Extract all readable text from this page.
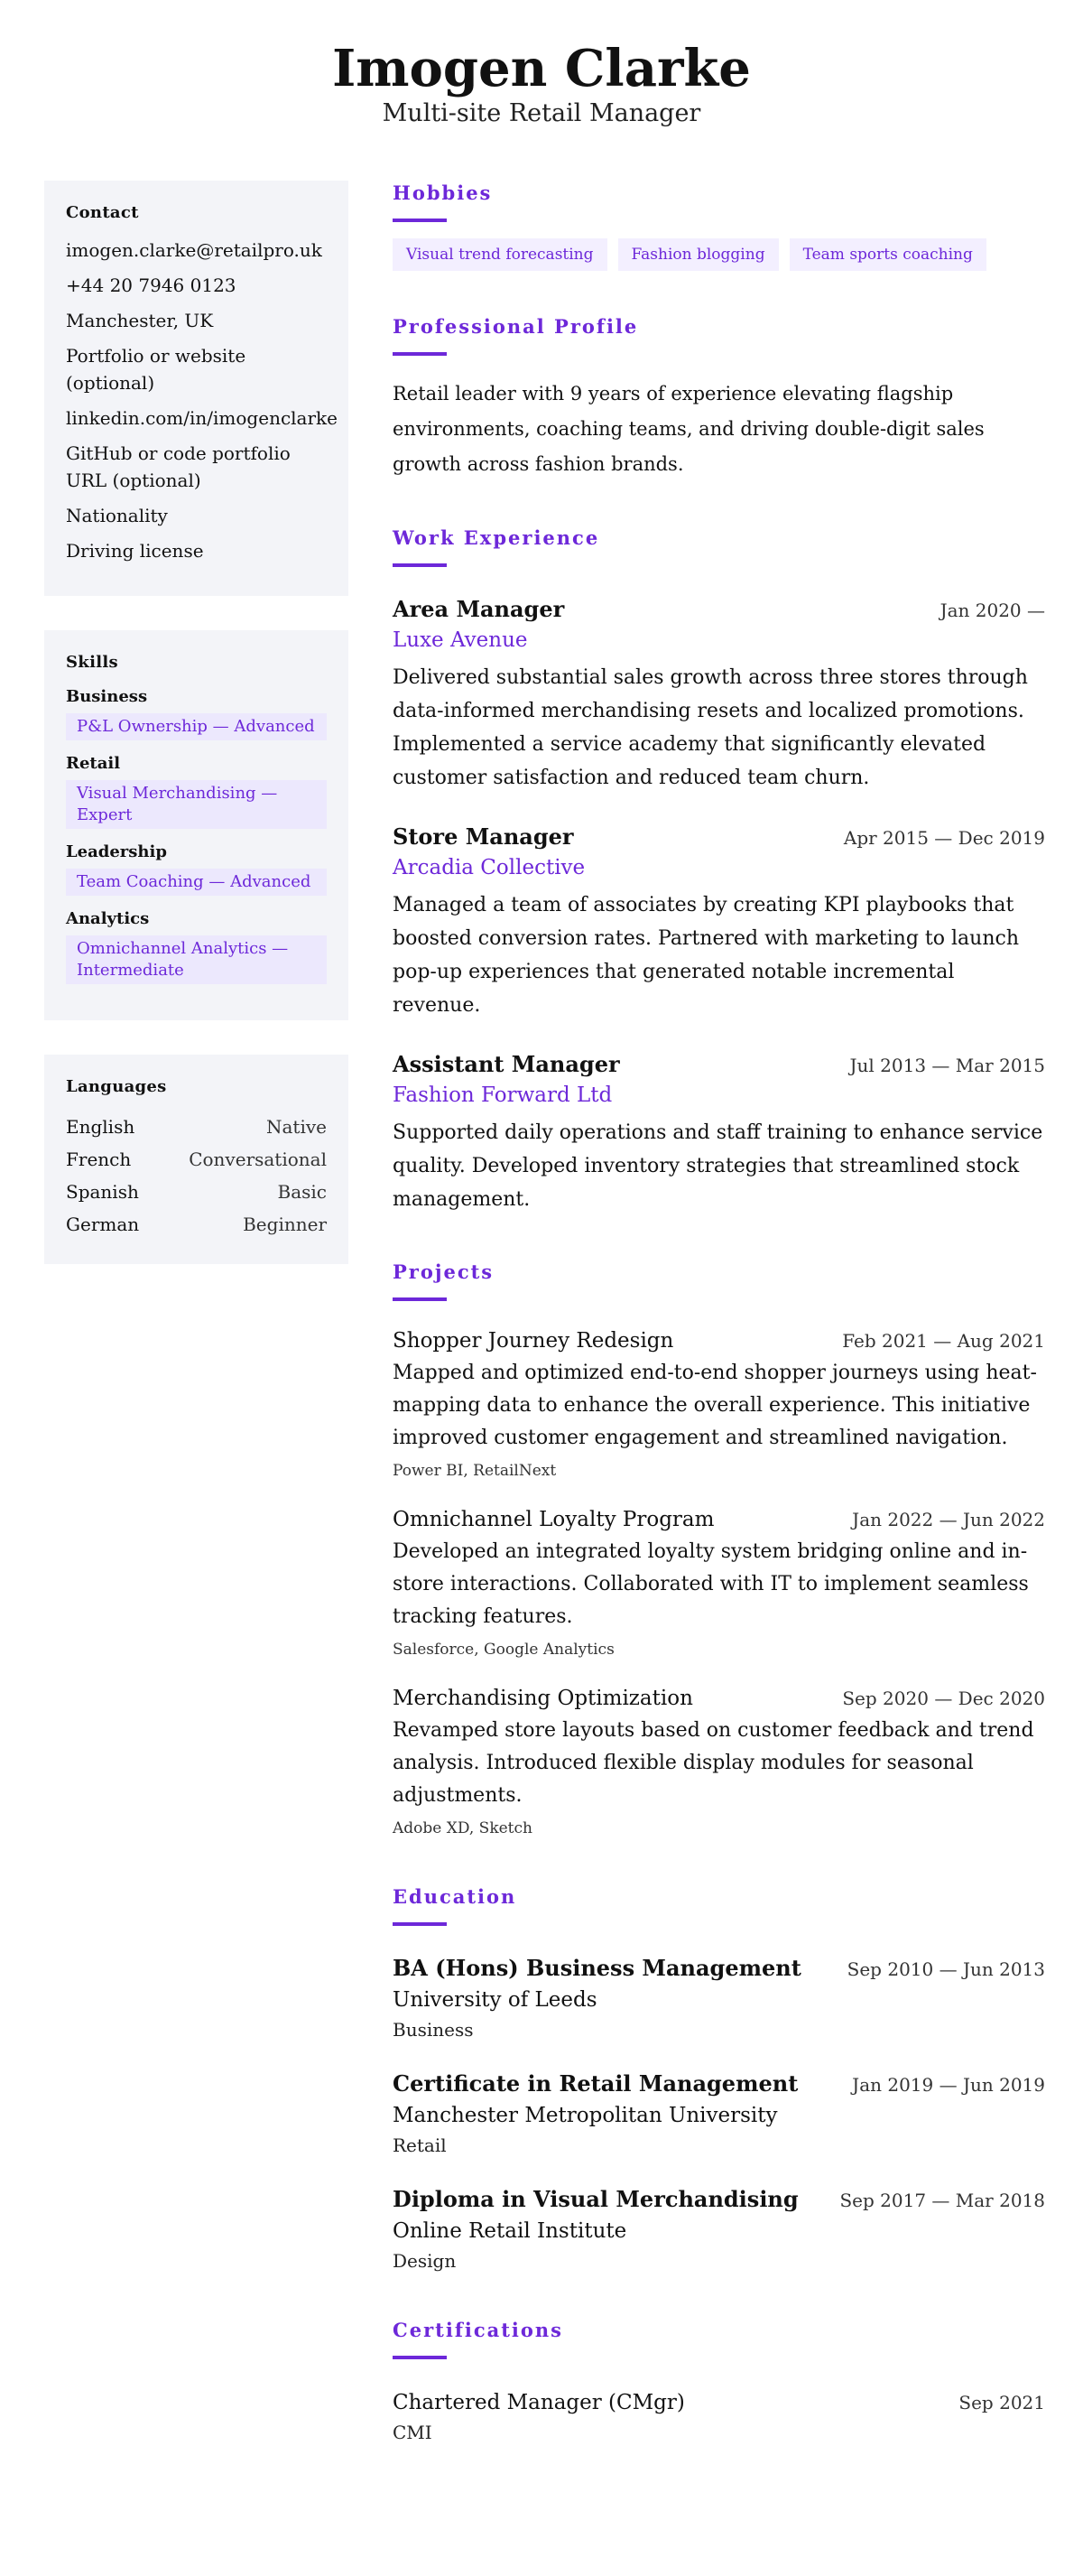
Imogen Clarke
Multi-site Retail Manager
Contact
imogen.clarke@retailpro.uk
+44 20 7946 0123
Manchester, UK
Portfolio or website (optional)
linkedin.com/in/imogenclarke
GitHub or code portfolio URL (optional)
Nationality
Driving license
Skills
Business
P&L Ownership — Advanced
Retail
Visual Merchandising — Expert
Leadership
Team Coaching — Advanced
Analytics
Omnichannel Analytics — Intermediate
Languages
English	Native
French	Conversational
Spanish	Basic
German	Beginner
Hobbies
Visual trend forecasting	Fashion blogging	Team sports coaching
Professional Profile

Retail leader with 9 years of experience elevating flagship environments, coaching teams, and driving double-digit sales growth across fashion brands.

Work Experience
Area Manager	Jan 2020 —
Luxe Avenue

Delivered substantial sales growth across three stores through data-informed merchandising resets and localized promotions. Implemented a service academy that significantly elevated customer satisfaction and reduced team churn.

Store Manager	Apr 2015 — Dec 2019
Arcadia Collective

Managed a team of associates by creating KPI playbooks that boosted conversion rates. Partnered with marketing to launch pop-up experiences that generated notable incremental revenue.

Assistant Manager	Jul 2013 — Mar 2015
Fashion Forward Ltd

Supported daily operations and staff training to enhance service quality. Developed inventory strategies that streamlined stock management.

Projects
Shopper Journey Redesign	Feb 2021 — Aug 2021

Mapped and optimized end-to-end shopper journeys using heat-mapping data to enhance the overall experience. This initiative improved customer engagement and streamlined navigation.

Power BI, RetailNext
Omnichannel Loyalty Program	Jan 2022 — Jun 2022

Developed an integrated loyalty system bridging online and in-store interactions. Collaborated with IT to implement seamless tracking features.

Salesforce, Google Analytics
Merchandising Optimization	Sep 2020 — Dec 2020

Revamped store layouts based on customer feedback and trend analysis. Introduced flexible display modules for seasonal adjustments.

Adobe XD, Sketch
Education
BA (Hons) Business Management	Sep 2010 — Jun 2013
University of Leeds
Business
Certificate in Retail Management	Jan 2019 — Jun 2019
Manchester Metropolitan University
Retail
Diploma in Visual Merchandising Sep 2017 — Mar 2018
Online Retail Institute
Design
Certifications
Chartered Manager (CMgr)	Sep 2021
CMI
